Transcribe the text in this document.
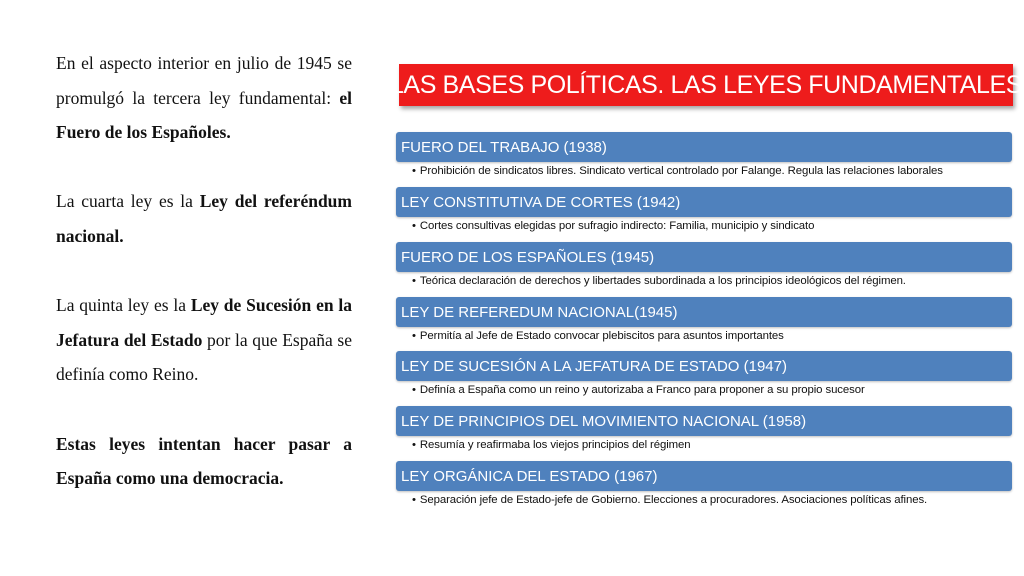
En el aspecto interior en julio de 1945 se promulgó la tercera ley fundamental: el Fuero de los Españoles.

La cuarta ley es la Ley del referéndum nacional.

La quinta ley es la Ley de Sucesión en la Jefatura del Estado por la que España se definía como Reino.

Estas leyes intentan hacer pasar a España como una democracia.

LAS BASES POLÍTICAS. LAS LEYES FUNDAMENTALES
FUERO DEL TRABAJO (1938)
• Prohibición de sindicatos libres. Sindicato vertical controlado por Falange. Regula las relaciones laborales
LEY CONSTITUTIVA DE CORTES (1942)
• Cortes consultivas elegidas por sufragio indirecto: Familia, municipio y sindicato
FUERO DE LOS ESPAÑOLES (1945)
• Teórica declaración de derechos y libertades subordinada a los principios ideológicos del régimen.
LEY DE REFEREDUM NACIONAL(1945)
• Permitía al Jefe de Estado convocar plebiscitos para asuntos importantes
LEY DE SUCESIÓN A LA JEFATURA DE ESTADO (1947)
• Definía a España como un reino y autorizaba a Franco para proponer a su propio sucesor
LEY DE PRINCIPIOS DEL MOVIMIENTO NACIONAL (1958)
• Resumía y reafirmaba los viejos principios del régimen
LEY ORGÁNICA DEL ESTADO (1967)
• Separación jefe de Estado-jefe de Gobierno. Elecciones a procuradores. Asociaciones políticas afines.
